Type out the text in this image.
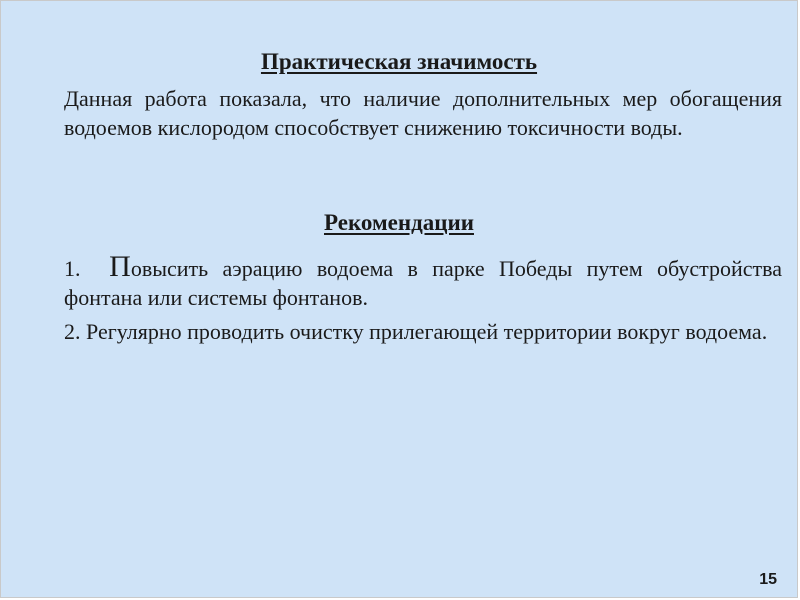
Практическая значимость

Данная работа показала, что наличие дополнительных мер обогащения водоемов кислородом способствует снижению токсичности воды.

Рекомендации

1. Повысить аэрацию водоема в парке Победы путем обустройства фонтана или системы фонтанов.

2. Регулярно проводить очистку прилегающей территории вокруг водоема.

15
